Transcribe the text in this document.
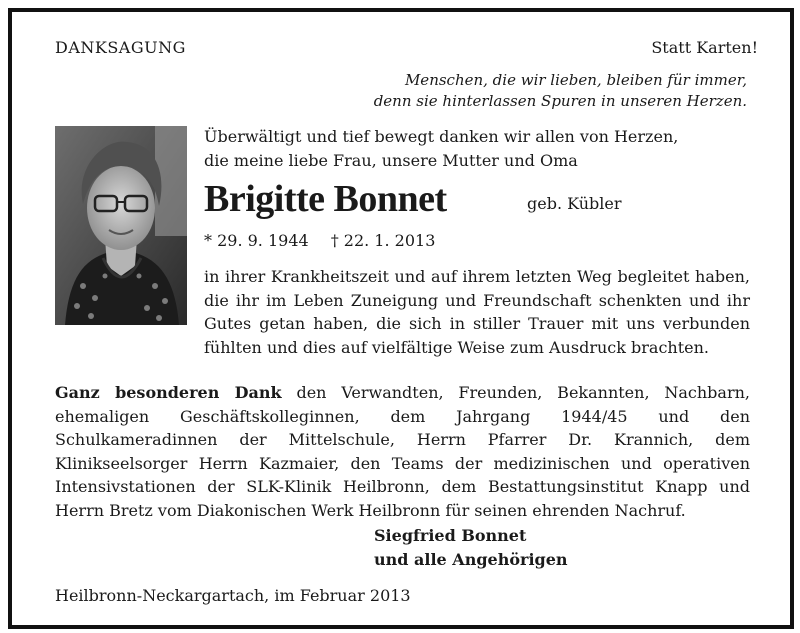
DANKSAGUNG	Statt Karten!
Menschen, die wir lieben, bleiben für immer,
denn sie hinterlassen Spuren in unseren Herzen.
Überwältigt und tief bewegt danken wir allen von Herzen,
die meine liebe Frau, unsere Mutter und Oma
Brigitte Bonnet	geb. Kübler
* 29. 9. 1944 † 22. 1. 2013
in ihrer Krankheitszeit und auf ihrem letzten Weg begleitet haben, die ihr im Leben Zuneigung und Freundschaft schenkten und ihr Gutes getan haben, die sich in stiller Trauer mit uns verbunden fühlten und dies auf vielfältige Weise zum Ausdruck brachten.
Ganz besonderen Dank den Verwandten, Freunden, Bekannten, Nachbarn, ehemaligen Geschäftskolleginnen, dem Jahrgang 1944/45 und den Schulkameradinnen der Mittelschule, Herrn Pfarrer Dr. Krannich, dem Klinikseelsorger Herrn Kazmaier, den Teams der medizinischen und operativen Intensivstationen der SLK-Klinik Heilbronn, dem Bestattungsinstitut Knapp und Herrn Bretz vom Diakonischen Werk Heilbronn für seinen ehrenden Nachruf.
Siegfried Bonnet
und alle Angehörigen
Heilbronn-Neckargartach, im Februar 2013
